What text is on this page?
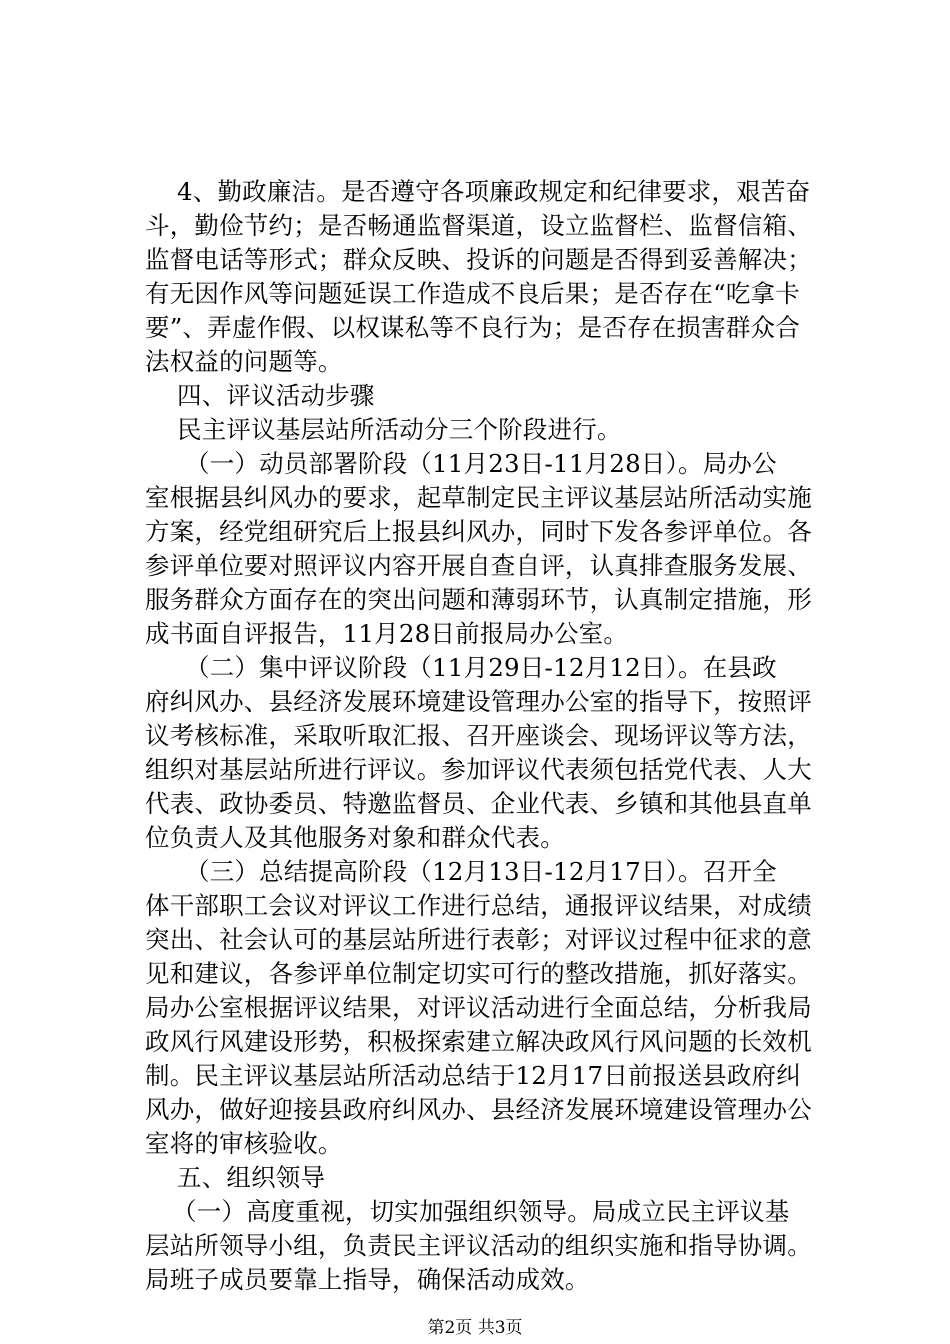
4、勤政廉洁。是否遵守各项廉政规定和纪律要求，艰苦奋
斗，勤俭节约；是否畅通监督渠道，设立监督栏、监督信箱、
监督电话等形式；群众反映、投诉的问题是否得到妥善解决；
有无因作风等问题延误工作造成不良后果；是否存在“吃拿卡
要”、弄虚作假、以权谋私等不良行为；是否存在损害群众合
法权益的问题等。
四、评议活动步骤
民主评议基层站所活动分三个阶段进行。
（一）动员部署阶段（11月23日-11月28日）。局办公
室根据县纠风办的要求，起草制定民主评议基层站所活动实施
方案，经党组研究后上报县纠风办，同时下发各参评单位。各
参评单位要对照评议内容开展自查自评，认真排查服务发展、
服务群众方面存在的突出问题和薄弱环节，认真制定措施，形
成书面自评报告，11月28日前报局办公室。
（二）集中评议阶段（11月29日-12月12日）。在县政
府纠风办、县经济发展环境建设管理办公室的指导下，按照评
议考核标准，采取听取汇报、召开座谈会、现场评议等方法，
组织对基层站所进行评议。参加评议代表须包括党代表、人大
代表、政协委员、特邀监督员、企业代表、乡镇和其他县直单
位负责人及其他服务对象和群众代表。
（三）总结提高阶段（12月13日-12月17日）。召开全
体干部职工会议对评议工作进行总结，通报评议结果，对成绩
突出、社会认可的基层站所进行表彰；对评议过程中征求的意
见和建议，各参评单位制定切实可行的整改措施，抓好落实。
局办公室根据评议结果，对评议活动进行全面总结，分析我局
政风行风建设形势，积极探索建立解决政风行风问题的长效机
制。民主评议基层站所活动总结于12月17日前报送县政府纠
风办，做好迎接县政府纠风办、县经济发展环境建设管理办公
室将的审核验收。
五、组织领导
（一）高度重视，切实加强组织领导。局成立民主评议基
层站所领导小组，负责民主评议活动的组织实施和指导协调。
局班子成员要靠上指导，确保活动成效。
第2页 共3页
